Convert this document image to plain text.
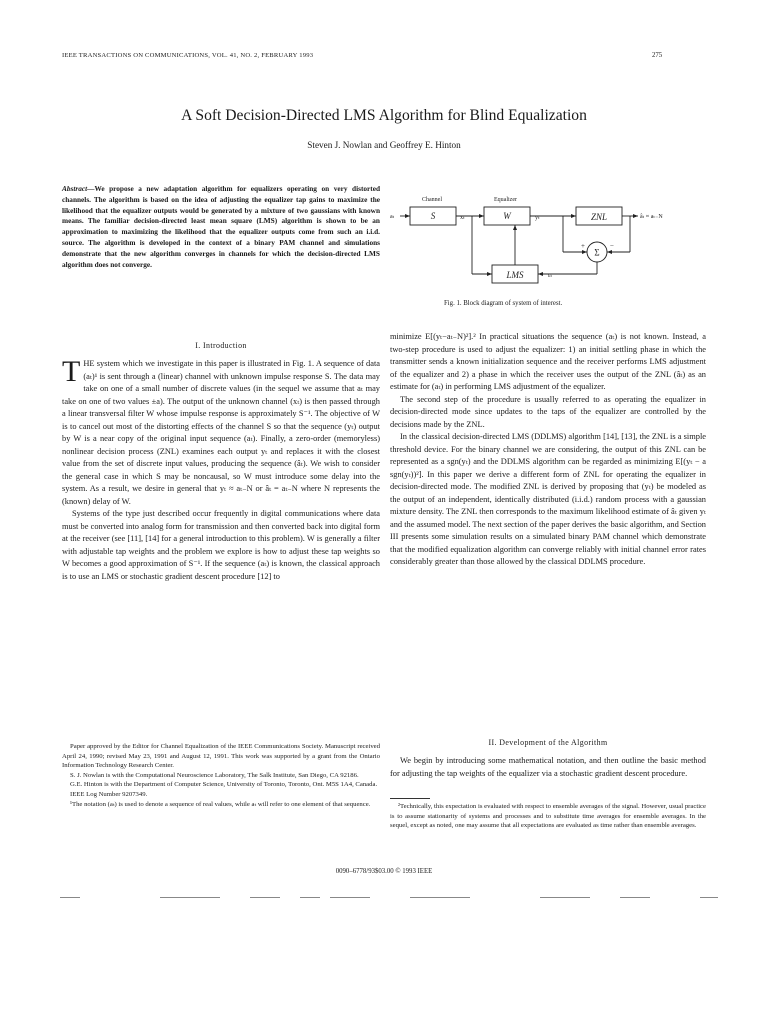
IEEE TRANSACTIONS ON COMMUNICATIONS, VOL. 41, NO. 2, FEBRUARY 1993	275
A Soft Decision-Directed LMS Algorithm for Blind Equalization
Steven J. Nowlan and Geoffrey E. Hinton
Abstract—We propose a new adaptation algorithm for equalizers operating on very distorted channels. The algorithm is based on the idea of adjusting the equalizer tap gains to maximize the likelihood that the equalizer outputs would be generated by a mixture of two gaussians with known means. The familiar decision-directed least mean square (LMS) algorithm is shown to be an approximation to maximizing the likelihood that the equalizer outputs come from such an i.i.d. source. The algorithm is developed in the context of a binary PAM channel and simulations demonstrate that the new algorithm converges in channels for which the decision-directed LMS algorithm does not converge.
Channel	Equalizer
aₜ	xₜ	yₜ	âₜ ≈ aₜ₋N
+	−
εₜ
S	W	ZNL
LMS
Σ
Fig. 1. Block diagram of system of interest.
I. Introduction

THE system which we investigate in this paper is illustrated in Fig. 1. A sequence of data (aₜ)¹ is sent through a (linear) channel with unknown impulse response S. The data may take on one of a small number of discrete values (in the sequel we assume that aₜ may take on one of two values ±a). The output of the unknown channel (xₜ) is then passed through a linear transversal filter W whose impulse response is approximately S⁻¹. The objective of W is to cancel out most of the distorting effects of the channel S so that the sequence (yₜ) output by W is a near copy of the original input sequence (aₜ). Finally, a zero-order (memoryless) nonlinear decision process (ZNL) examines each output yₜ and replaces it with the closest value from the set of discrete input values, producing the sequence (âₜ). We wish to consider the general case in which S may be noncausal, so W must introduce some delay into the system. As a result, we desire in general that yₜ ≈ aₜ₋N or âₜ = aₜ₋N where N represents the (known) delay of W.

Systems of the type just described occur frequently in digital communications where data must be converted into analog form for transmission and then converted back into digital form at the receiver (see [11], [14] for a general introduction to this problem). W is generally a filter with adjustable tap weights and the problem we explore is how to adjust these tap weights so W becomes a good approximation of S⁻¹. If the sequence (aₜ) is known, the classical approach is to use an LMS or stochastic gradient descent procedure [12] to

Paper approved by the Editor for Channel Equalization of the IEEE Communications Society. Manuscript received April 24, 1990; revised May 23, 1991 and August 12, 1991. This work was supported by a grant from the Ontario Information Technology Research Center.

S. J. Nowlan is with the Computational Neuroscience Laboratory, The Salk Institute, San Diego, CA 92186.

G.E. Hinton is with the Department of Computer Science, University of Toronto, Toronto, Ont. M5S 1A4, Canada.

IEEE Log Number 9207349.

¹The notation (aₜ) is used to denote a sequence of real values, while aₜ will refer to one element of that sequence.

minimize E[(yₜ−aₜ₋N)²].² In practical situations the sequence (aₜ) is not known. Instead, a two-step procedure is used to adjust the equalizer: 1) an initial settling phase in which the transmitter sends a known initialization sequence and the receiver performs LMS adjustment of the equalizer and 2) a phase in which the receiver uses the output of the ZNL (âₜ) as an estimate for (aₜ) in performing LMS adjustment of the equalizer.

The second step of the procedure is usually referred to as operating the equalizer in decision-directed mode since updates to the taps of the equalizer are controlled by the decisions made by the ZNL.

In the classical decision-directed LMS (DDLMS) algorithm [14], [13], the ZNL is a simple threshold device. For the binary channel we are considering, the output of this ZNL can be represented as a sgn(yₜ) and the DDLMS algorithm can be regarded as minimizing E[(yₜ − a sgn(yₜ))²]. In this paper we derive a different form of ZNL for operating the equalizer in decision-directed mode. The modified ZNL is derived by proposing that (yₜ) be modeled as the output of an independent, identically distributed (i.i.d.) random process with a gaussian mixture density. The ZNL then corresponds to the maximum likelihood estimate of âₜ given yₜ and the assumed model. The next section of the paper derives the basic algorithm, and Section III presents some simulation results on a simulated binary PAM channel which demonstrate that the modified equalization algorithm can converge reliably with initial channel error rates considerably greater than those allowed by the classical DDLMS procedure.

II. Development of the Algorithm

We begin by introducing some mathematical notation, and then outline the basic method for adjusting the tap weights of the equalizer via a stochastic gradient descent procedure.

²Technically, this expectation is evaluated with respect to ensemble averages of the signal. However, usual practice is to assume stationarity of systems and processes and to substitute time averages for ensemble averages. In the sequel, except as noted, one may assume that all expectations are evaluated as time rather than ensemble averages.

0090–6778/93$03.00 © 1993 IEEE
